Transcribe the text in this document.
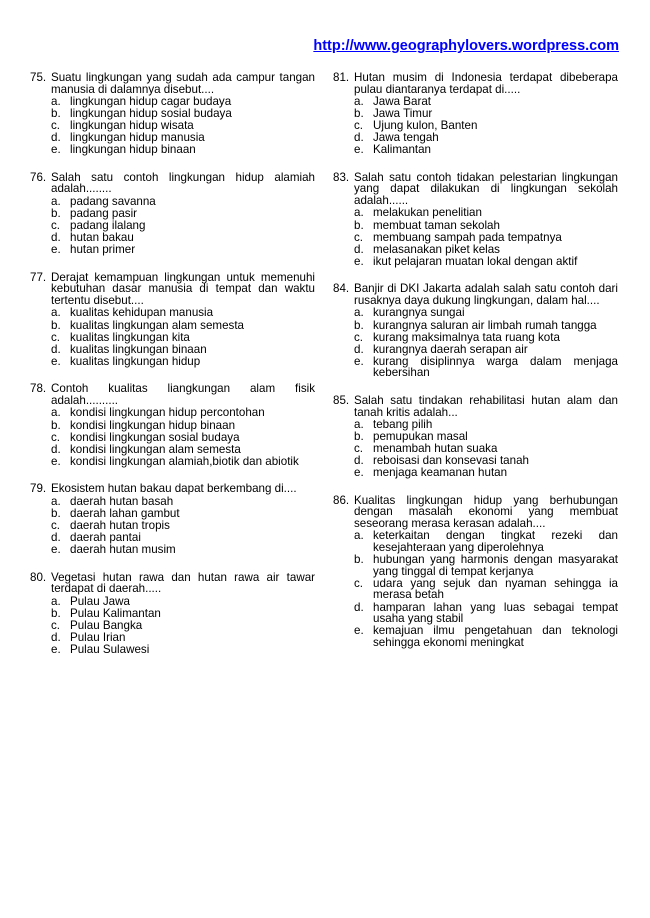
http://www.geographylovers.wordpress.com
75. Suatu lingkungan yang sudah ada campur tangan manusia di dalamnya disebut....
a. lingkungan hidup cagar budaya
b. lingkungan hidup sosial budaya
c. lingkungan hidup wisata
d. lingkungan hidup manusia
e. lingkungan hidup binaan
76. Salah satu contoh lingkungan hidup alamiah adalah........
a. padang savanna
b. padang pasir
c. padang ilalang
d. hutan bakau
e. hutan primer
77. Derajat kemampuan lingkungan untuk memenuhi kebutuhan dasar manusia di tempat dan waktu tertentu disebut....
a. kualitas kehidupan manusia
b. kualitas lingkungan alam semesta
c. kualitas lingkungan kita
d. kualitas lingkungan binaan
e. kualitas lingkungan hidup
78. Contoh kualitas liangkungan alam fisik adalah..........
a. kondisi lingkungan hidup percontohan
b. kondisi lingkungan hidup binaan
c. kondisi lingkungan sosial budaya
d. kondisi lingkungan alam semesta
e. kondisi lingkungan alamiah,biotik dan abiotik
79. Ekosistem hutan bakau dapat berkembang di....
a. daerah hutan basah
b. daerah lahan gambut
c. daerah hutan tropis
d. daerah pantai
e. daerah hutan musim
80. Vegetasi hutan rawa dan hutan rawa air tawar terdapat di daerah.....
a. Pulau Jawa
b. Pulau Kalimantan
c. Pulau Bangka
d. Pulau Irian
e. Pulau Sulawesi
81. Hutan musim di Indonesia terdapat dibeberapa pulau diantaranya terdapat di.....
a. Jawa Barat
b. Jawa Timur
c. Ujung kulon, Banten
d. Jawa tengah
e. Kalimantan
83. Salah satu contoh tidakan pelestarian lingkungan yang dapat dilakukan di lingkungan sekolah adalah......
a. melakukan penelitian
b. membuat taman sekolah
c. membuang sampah pada tempatnya
d. melasanakan piket kelas
e. ikut pelajaran muatan lokal dengan aktif
84. Banjir di DKI Jakarta adalah salah satu contoh dari rusaknya daya dukung lingkungan, dalam hal....
a. kurangnya sungai
b. kurangnya saluran air limbah rumah tangga
c. kurang maksimalnya tata ruang kota
d. kurangnya daerah serapan air
e. kurang disiplinnya warga dalam menjaga kebersihan
85. Salah satu tindakan rehabilitasi hutan alam dan tanah kritis adalah...
a. tebang pilih
b. pemupukan masal
c. menambah hutan suaka
d. reboisasi dan konsevasi tanah
e. menjaga keamanan hutan
86. Kualitas lingkungan hidup yang berhubungan dengan masalah ekonomi yang membuat seseorang merasa kerasan adalah....
a. keterkaitan dengan tingkat rezeki dan kesejahteraan yang diperolehnya
b. hubungan yang harmonis dengan masyarakat yang tinggal di tempat kerjanya
c. udara yang sejuk dan nyaman sehingga ia merasa betah
d. hamparan lahan yang luas sebagai tempat usaha yang stabil
e. kemajuan ilmu pengetahuan dan teknologi sehingga ekonomi meningkat
